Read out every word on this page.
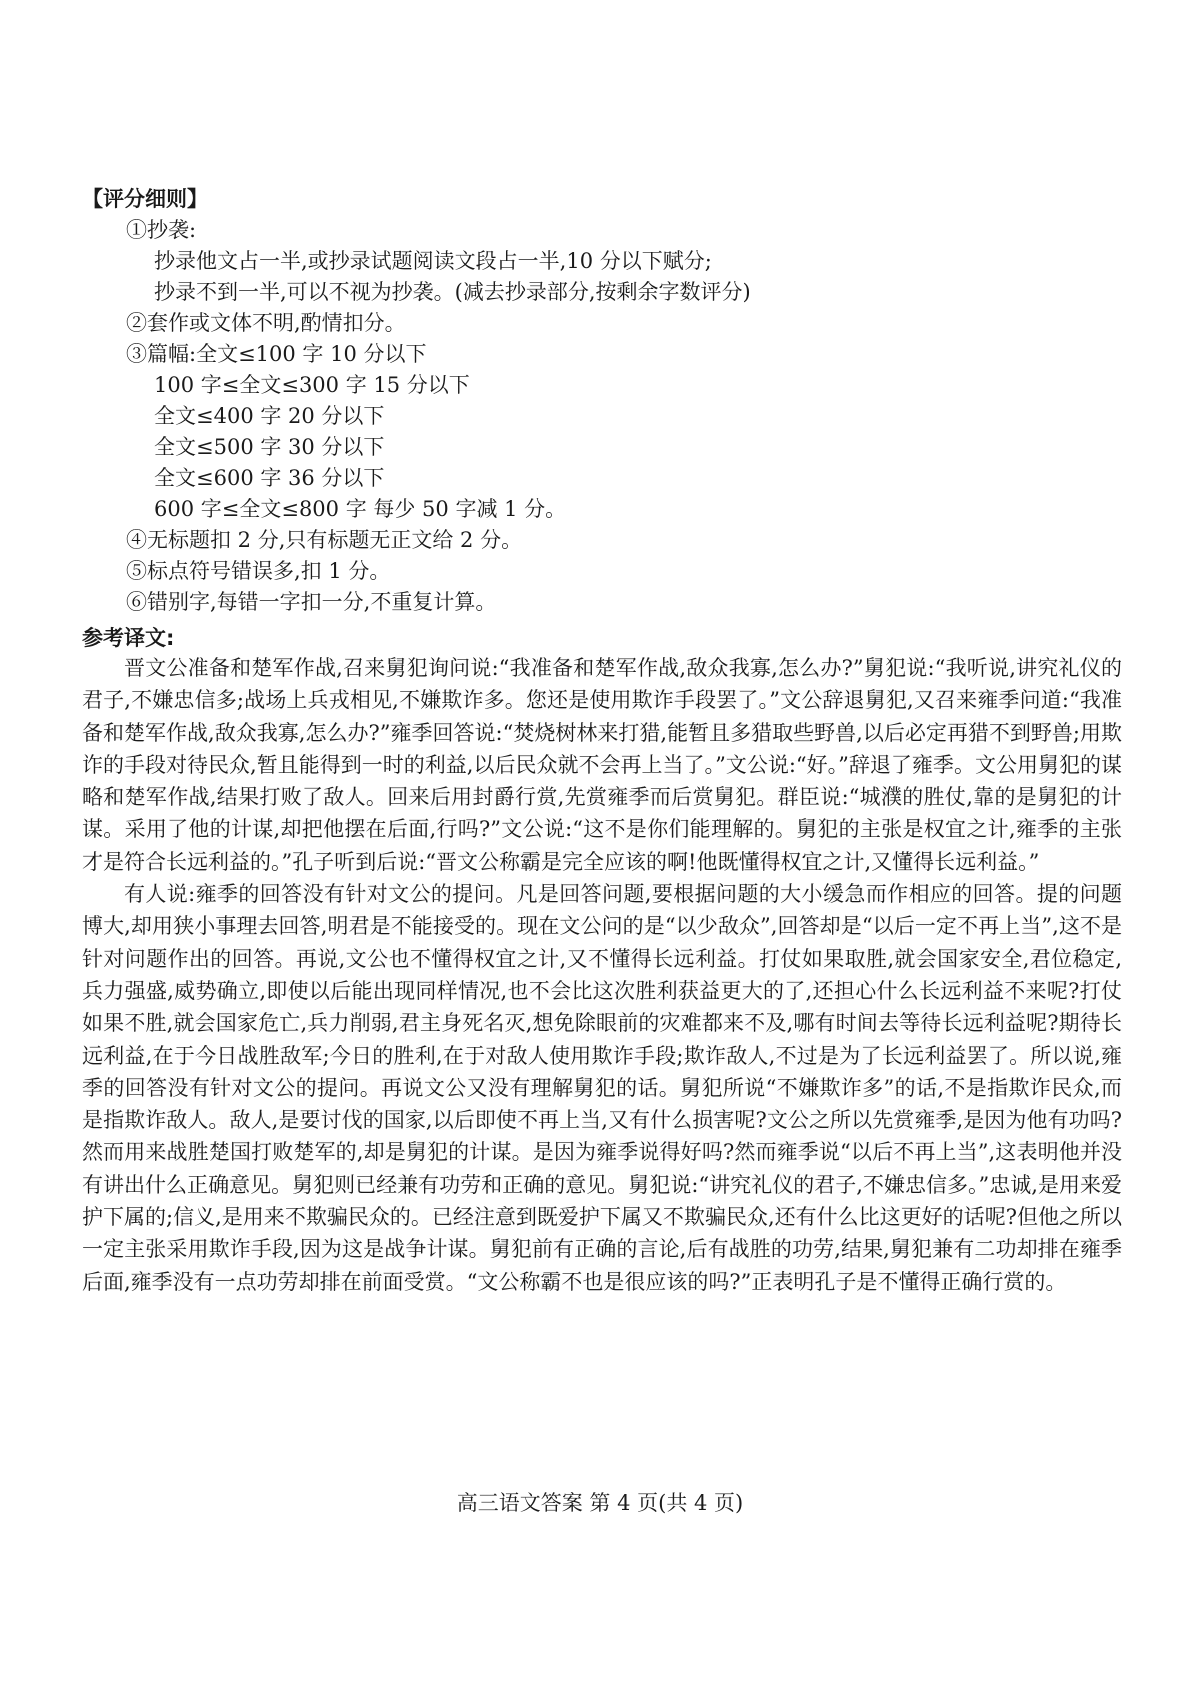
【评分细则】
①抄袭:
抄录他文占一半,或抄录试题阅读文段占一半,10 分以下赋分;
抄录不到一半,可以不视为抄袭。(减去抄录部分,按剩余字数评分)
②套作或文体不明,酌情扣分。
③篇幅:全文≤100 字 10 分以下
100 字≤全文≤300 字 15 分以下
全文≤400 字 20 分以下
全文≤500 字 30 分以下
全文≤600 字 36 分以下
600 字≤全文≤800 字 每少 50 字减 1 分。
④无标题扣 2 分,只有标题无正文给 2 分。
⑤标点符号错误多,扣 1 分。
⑥错别字,每错一字扣一分,不重复计算。
参考译文:

晋文公准备和楚军作战,召来舅犯询问说:“我准备和楚军作战,敌众我寡,怎么办?”舅犯说:“我听说,讲究礼仪的君子,不嫌忠信多;战场上兵戎相见,不嫌欺诈多。您还是使用欺诈手段罢了。”文公辞退舅犯,又召来雍季问道:“我准备和楚军作战,敌众我寡,怎么办?”雍季回答说:“焚烧树林来打猎,能暂且多猎取些野兽,以后必定再猎不到野兽;用欺诈的手段对待民众,暂且能得到一时的利益,以后民众就不会再上当了。”文公说:“好。”辞退了雍季。文公用舅犯的谋略和楚军作战,结果打败了敌人。回来后用封爵行赏,先赏雍季而后赏舅犯。群臣说:“城濮的胜仗,靠的是舅犯的计谋。采用了他的计谋,却把他摆在后面,行吗?”文公说:“这不是你们能理解的。舅犯的主张是权宜之计,雍季的主张才是符合长远利益的。”孔子听到后说:“晋文公称霸是完全应该的啊!他既懂得权宜之计,又懂得长远利益。”

有人说:雍季的回答没有针对文公的提问。凡是回答问题,要根据问题的大小缓急而作相应的回答。提的问题博大,却用狭小事理去回答,明君是不能接受的。现在文公问的是“以少敌众”,回答却是“以后一定不再上当”,这不是针对问题作出的回答。再说,文公也不懂得权宜之计,又不懂得长远利益。打仗如果取胜,就会国家安全,君位稳定,兵力强盛,威势确立,即使以后能出现同样情况,也不会比这次胜利获益更大的了,还担心什么长远利益不来呢?打仗如果不胜,就会国家危亡,兵力削弱,君主身死名灭,想免除眼前的灾难都来不及,哪有时间去等待长远利益呢?期待长远利益,在于今日战胜敌军;今日的胜利,在于对敌人使用欺诈手段;欺诈敌人,不过是为了长远利益罢了。所以说,雍季的回答没有针对文公的提问。再说文公又没有理解舅犯的话。舅犯所说“不嫌欺诈多”的话,不是指欺诈民众,而是指欺诈敌人。敌人,是要讨伐的国家,以后即使不再上当,又有什么损害呢?文公之所以先赏雍季,是因为他有功吗?然而用来战胜楚国打败楚军的,却是舅犯的计谋。是因为雍季说得好吗?然而雍季说“以后不再上当”,这表明他并没有讲出什么正确意见。舅犯则已经兼有功劳和正确的意见。舅犯说:“讲究礼仪的君子,不嫌忠信多。”忠诚,是用来爱护下属的;信义,是用来不欺骗民众的。已经注意到既爱护下属又不欺骗民众,还有什么比这更好的话呢?但他之所以一定主张采用欺诈手段,因为这是战争计谋。舅犯前有正确的言论,后有战胜的功劳,结果,舅犯兼有二功却排在雍季后面,雍季没有一点功劳却排在前面受赏。“文公称霸不也是很应该的吗?”正表明孔子是不懂得正确行赏的。

高三语文答案 第 4 页(共 4 页)
